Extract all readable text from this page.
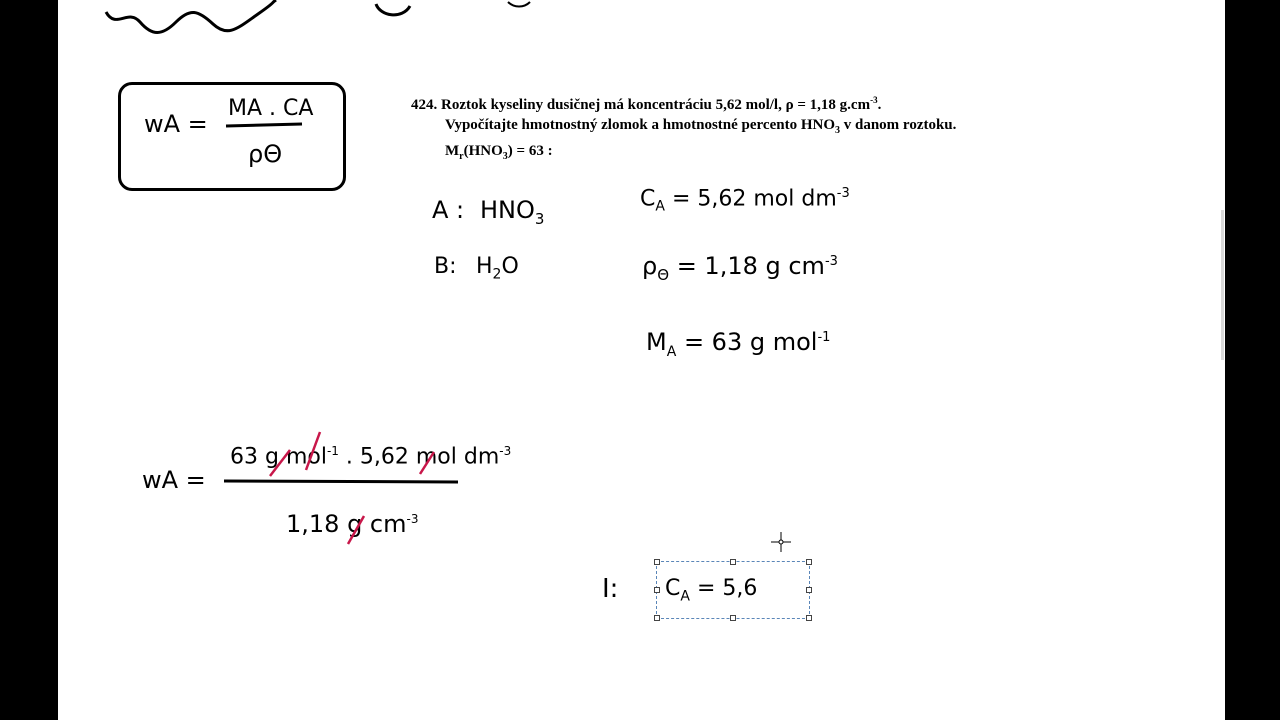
wA =
MA . CA
ρΘ
424. Roztok kyseliny dusičnej má koncentráciu 5,62 mol/l, ρ = 1,18 $g.cm^{-3}$.
Vypočítajte hmotnostný zlomok a hmotnostné percento $HNO_3$ v danom roztoku.
$M_r(HNO_3) = 63$ :
A : $HNO_3$
B: $H_2O$
$C_A = 5,62$ mol $dm^{-3}$
$\rho_\Theta = 1,18$ g $cm^{-3}$
$M_A = 63$ g mol$^{-1}$
wA =
63 g mol$^{-1}$ . 5,62 mol $dm^{-3}$
1,18 g $cm^{-3}$
I: $C_A = 5,6$
